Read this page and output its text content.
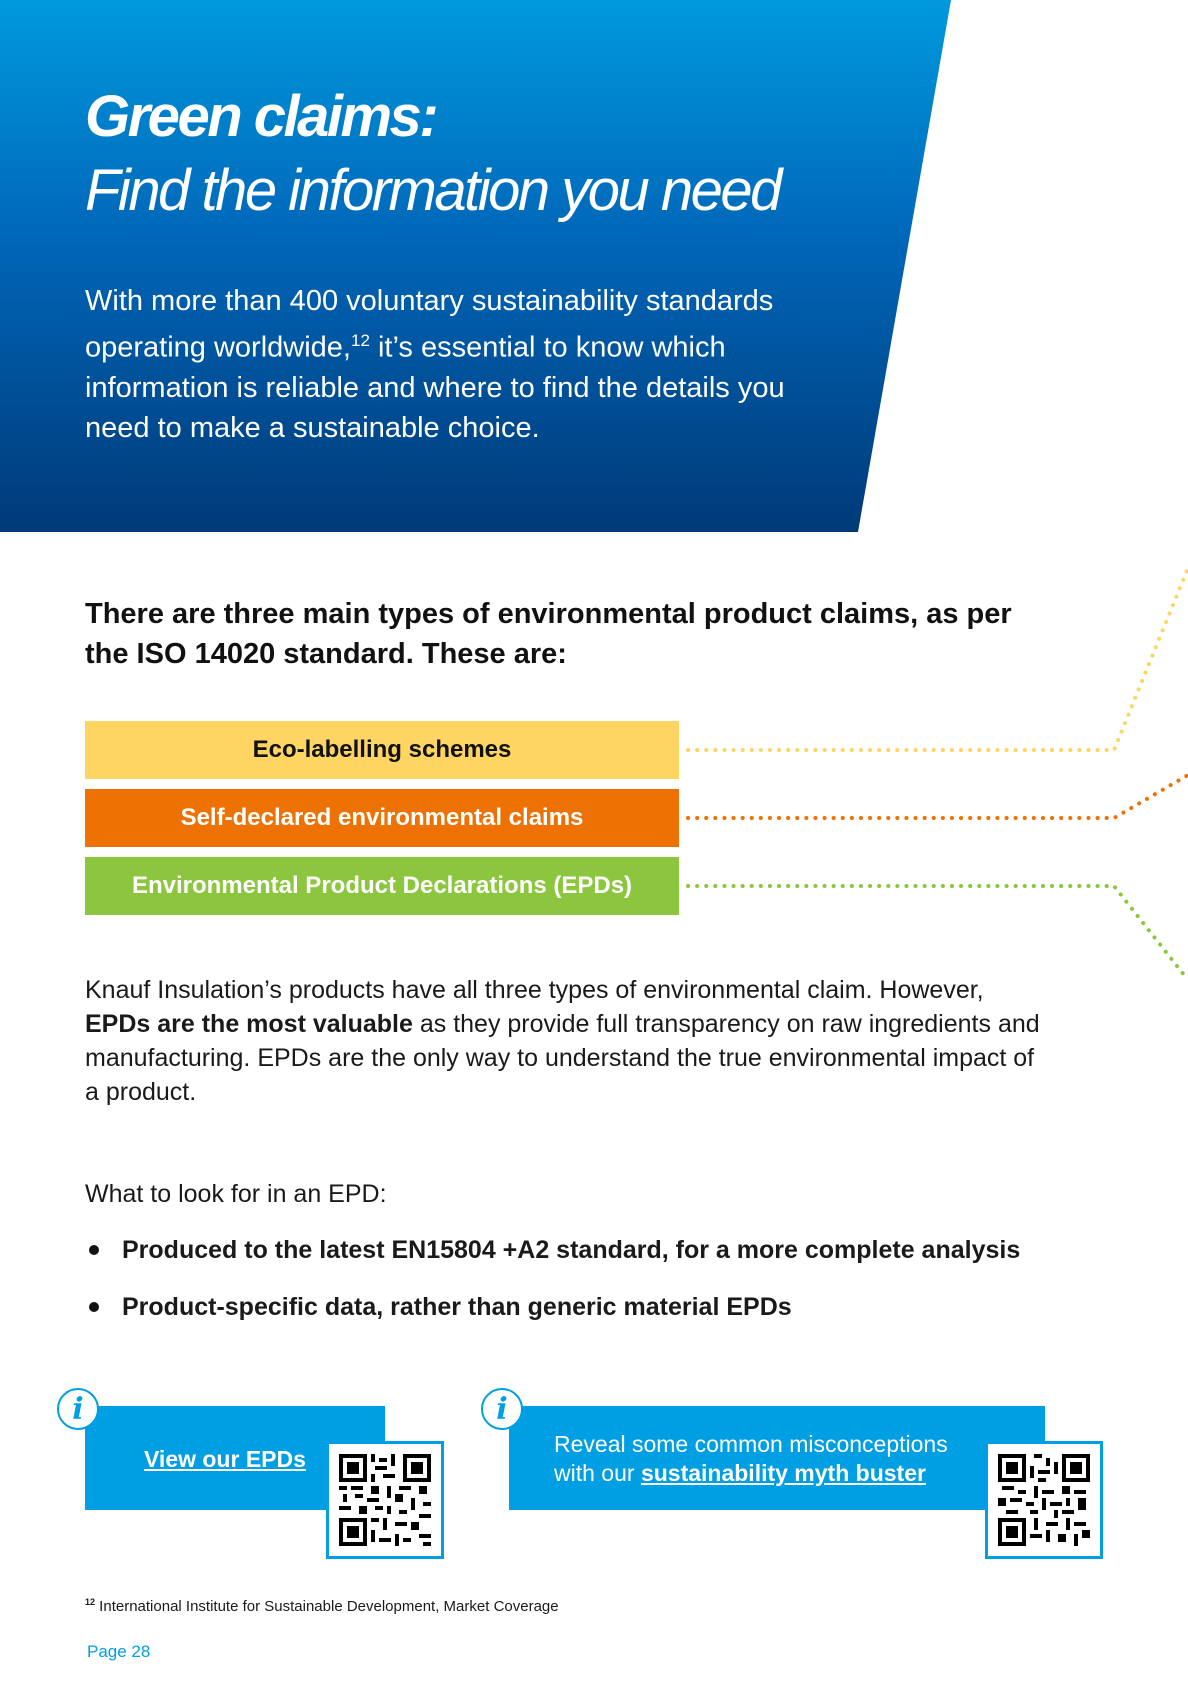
Green claims:
Find the information you need

With more than 400 voluntary sustainability standards operating worldwide,$^{12}$ it’s essential to know which information is reliable and where to find the details you need to make a sustainable choice.

There are three main types of environmental product claims, as per the ISO 14020 standard. These are:

Eco-labelling schemes
Self-declared environmental claims
Environmental Product Declarations (EPDs)

Knauf Insulation’s products have all three types of environmental claim. However, EPDs are the most valuable as they provide full transparency on raw ingredients and manufacturing. EPDs are the only way to understand the true environmental impact of a product.

What to look for in an EPD:

Produced to the latest EN15804 +A2 standard, for a more complete analysis
Product-specific data, rather than generic material EPDs
i
View our EPDs
i

Reveal some common misconceptions with our sustainability myth buster

$^{12}$ International Institute for Sustainable Development, Market Coverage

Page 28
